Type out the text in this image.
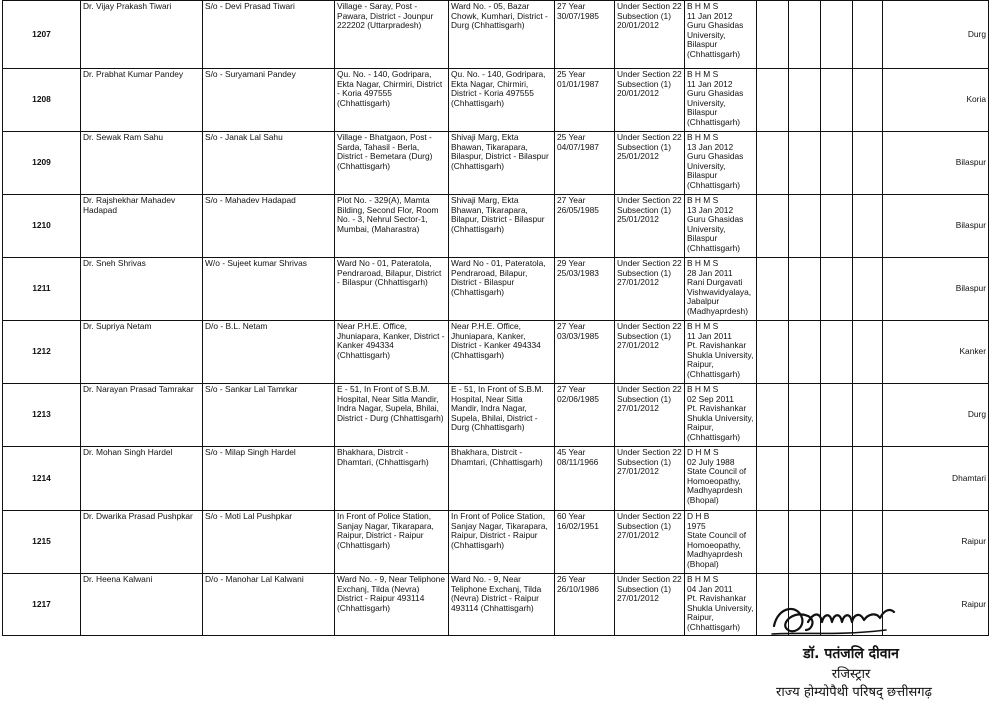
1207	Dr. Vijay Prakash Tiwari	S/o - Devi Prasad Tiwari	Village - Saray, Post - Pawara, District - Jounpur 222202 (Uttarpradesh)	Ward No. - 05, Bazar Chowk, Kumhari, District - Durg (Chhattisgarh)	27 Year
30/07/1985	Under Section 22
Subsection (1)
20/01/2012	B H M S
11 Jan 2012
Guru Ghasidas University, Bilaspur (Chhattisgarh)					Durg
1208	Dr. Prabhat Kumar Pandey	S/o - Suryamani Pandey	Qu. No. - 140, Godripara, Ekta Nagar, Chirmiri, District - Koria 497555 (Chhattisgarh)	Qu. No. - 140, Godripara, Ekta Nagar, Chirmiri, District - Koria 497555 (Chhattisgarh)	25 Year
01/01/1987	Under Section 22
Subsection (1)
20/01/2012	B H M S
11 Jan 2012
Guru Ghasidas University, Bilaspur (Chhattisgarh)					Koria
1209	Dr. Sewak Ram Sahu	S/o - Janak Lal Sahu	Village - Bhatgaon, Post - Sarda, Tahasil - Berla, District - Bemetara (Durg) (Chhattisgarh)	Shivaji Marg, Ekta Bhawan, Tikarapara, Bilaspur, District - Bilaspur (Chhattisgarh)	25 Year
04/07/1987	Under Section 22
Subsection (1)
25/01/2012	B H M S
13 Jan 2012
Guru Ghasidas University, Bilaspur (Chhattisgarh)					Bilaspur
1210	Dr. Rajshekhar Mahadev Hadapad	S/o - Mahadev Hadapad	Plot No. - 329(A), Mamta Bilding, Second Flor, Room No. - 3, Nehrul Sector-1, Mumbai, (Maharastra)	Shivaji Marg, Ekta Bhawan, Tikarapara, Bilapur, District - Bilaspur (Chhattisgarh)	27 Year
26/05/1985	Under Section 22
Subsection (1)
25/01/2012	B H M S
13 Jan 2012
Guru Ghasidas University, Bilaspur (Chhattisgarh)					Bilaspur
1211	Dr. Sneh Shrivas	W/o - Sujeet kumar Shrivas	Ward No - 01, Pateratola, Pendraroad, Bilapur, District - Bilaspur (Chhattisgarh)	Ward No - 01, Pateratola, Pendraroad, Bilapur, District - Bilaspur (Chhattisgarh)	29 Year
25/03/1983	Under Section 22
Subsection (1)
27/01/2012	B H M S
28 Jan 2011
Rani Durgavati Vishwavidyalaya, Jabalpur (Madhyaprdesh)					Bilaspur
1212	Dr. Supriya Netam	D/o - B.L. Netam	Near P.H.E. Office, Jhuniapara, Kanker, District - Kanker 494334 (Chhattisgarh)	Near P.H.E. Office, Jhuniapara, Kanker, District - Kanker 494334 (Chhattisgarh)	27 Year
03/03/1985	Under Section 22
Subsection (1)
27/01/2012	B H M S
11 Jan 2011
Pt. Ravishankar Shukla University, Raipur, (Chhattisgarh)					Kanker
1213	Dr. Narayan Prasad Tamrakar	S/o - Sankar Lal Tamrkar	E - 51, In Front of S.B.M. Hospital, Near Sitla Mandir, Indra Nagar, Supela, Bhilai, District - Durg (Chhattisgarh)	E - 51, In Front of S.B.M. Hospital, Near Sitla Mandir, Indra Nagar, Supela, Bhilai, District - Durg (Chhattisgarh)	27 Year
02/06/1985	Under Section 22
Subsection (1)
27/01/2012	B H M S
02 Sep 2011
Pt. Ravishankar Shukla University, Raipur, (Chhattisgarh)					Durg
1214	Dr. Mohan Singh Hardel	S/o - Milap Singh Hardel	Bhakhara, Distrcit - Dhamtari, (Chhattisgarh)	Bhakhara, Distrcit - Dhamtari, (Chhattisgarh)	45 Year
08/11/1966	Under Section 22
Subsection (1)
27/01/2012	D H M S
02 July 1988
State Council of Homoeopathy, Madhyaprdesh (Bhopal)					Dhamtari
1215	Dr. Dwarika Prasad Pushpkar	S/o - Moti Lal Pushpkar	In Front of Police Station, Sanjay Nagar, Tikarapara, Raipur, District - Raipur (Chhattisgarh)	In Front of Police Station, Sanjay Nagar, Tikarapara, Raipur, District - Raipur (Chhattisgarh)	60 Year
16/02/1951	Under Section 22
Subsection (1)
27/01/2012	D H B
1975
State Council of Homoeopathy, Madhyaprdesh (Bhopal)					Raipur
1217	Dr. Heena Kalwani	D/o - Manohar Lal Kalwani	Ward No. - 9, Near Teliphone Exchanj, Tilda (Nevra) District - Raipur 493114 (Chhattisgarh)	Ward No. - 9, Near Teliphone Exchanj, Tilda (Nevra) District - Raipur 493114 (Chhattisgarh)	26 Year
26/10/1986	Under Section 22
Subsection (1)
27/01/2012	B H M S
04 Jan 2011
Pt. Ravishankar Shukla University, Raipur, (Chhattisgarh)					Raipur
डॉ. पतंजलि दीवान
रजिस्ट्रार
राज्य होम्योपैथी परिषद् छत्तीसगढ़
